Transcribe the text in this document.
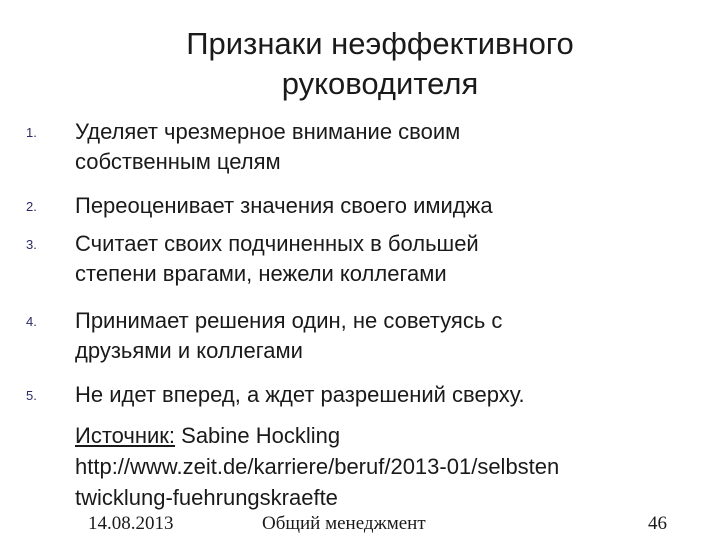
Признаки неэффективного
руководителя
1. Уделяет чрезмерное внимание своим
собственным целям
2. Переоценивает значения своего имиджа
3. Считает своих подчиненных в большей
степени врагами, нежели коллегами
4. Принимает решения один, не советуясь с
друзьями и коллегами
5. Не идет вперед, а ждет разрешений сверху.
Источник: Sabine Hockling
http://www.zeit.de/karriere/beruf/2013-01/selbsten
twicklung-fuehrungskraefte
14.08.2013	Общий менеджмент	46
